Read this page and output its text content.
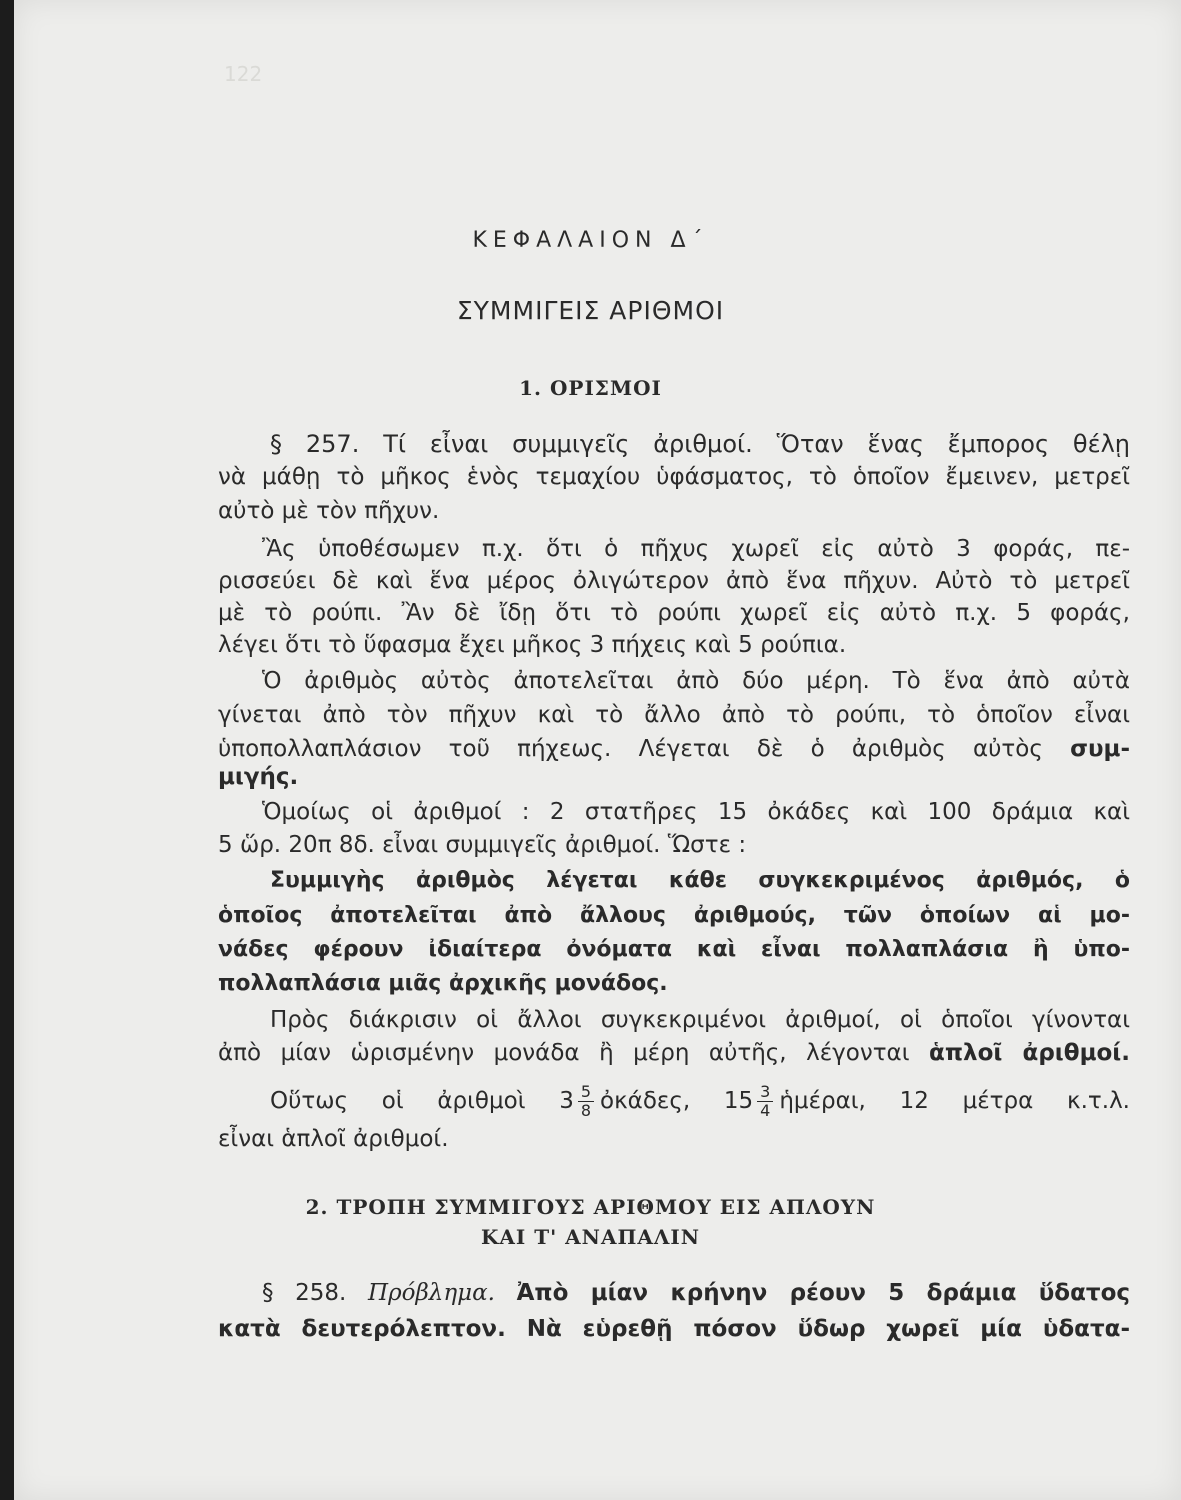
122
ΚΕΦΑΛΑΙΟΝ Δ΄
ΣΥΜΜΙΓΕΙΣ ΑΡΙΘΜΟΙ
1. ΟΡΙΣΜΟΙ
§ 257. Τί εἶναι συμμιγεῖς ἀριθμοί. Ὅταν ἕνας ἔμπορος θέλῃ
νὰ μάθῃ τὸ μῆκος ἑνὸς τεμαχίου ὑφάσματος, τὸ ὁποῖον ἔμεινεν, μετρεῖ
αὐτὸ μὲ τὸν πῆχυν.
Ἂς ὑποθέσωμεν π.χ. ὅτι ὁ πῆχυς χωρεῖ εἰς αὐτὸ 3 φοράς, πε-
ρισσεύει δὲ καὶ ἕνα μέρος ὀλιγώτερον ἀπὸ ἕνα πῆχυν. Αὐτὸ τὸ μετρεῖ
μὲ τὸ ρούπι. Ἂν δὲ ἴδῃ ὅτι τὸ ρούπι χωρεῖ εἰς αὐτὸ π.χ. 5 φοράς,
λέγει ὅτι τὸ ὕφασμα ἔχει μῆκος 3 πήχεις καὶ 5 ρούπια.
Ὁ ἀριθμὸς αὐτὸς ἀποτελεῖται ἀπὸ δύο μέρη. Τὸ ἕνα ἀπὸ αὐτὰ
γίνεται ἀπὸ τὸν πῆχυν καὶ τὸ ἄλλο ἀπὸ τὸ ρούπι, τὸ ὁποῖον εἶναι
ὑποπολλαπλάσιον τοῦ πήχεως. Λέγεται δὲ ὁ ἀριθμὸς αὐτὸς συμ-
μιγής.
Ὁμοίως οἱ ἀριθμοί : 2 στατῆρες 15 ὀκάδες καὶ 100 δράμια καὶ
5 ὥρ. 20π 8δ. εἶναι συμμιγεῖς ἀριθμοί. Ὥστε :
Συμμιγὴς ἀριθμὸς λέγεται κάθε συγκεκριμένος ἀριθμός, ὁ
ὁποῖος ἀποτελεῖται ἀπὸ ἄλλους ἀριθμούς, τῶν ὁποίων αἱ μο-
νάδες φέρουν ἰδιαίτερα ὀνόματα καὶ εἶναι πολλαπλάσια ἢ ὑπο-
πολλαπλάσια μιᾶς ἀρχικῆς μονάδος.
Πρὸς διάκρισιν οἱ ἄλλοι συγκεκριμένοι ἀριθμοί, οἱ ὁποῖοι γίνονται
ἀπὸ μίαν ὡρισμένην μονάδα ἢ μέρη αὐτῆς, λέγονται ἁπλοῖ ἀριθμοί.
Οὕτως οἱ ἀριθμοὶ $3 \frac{5}{8}$ ὀκάδες, $15 \frac{3}{4}$ ἡμέραι, 12 μέτρα κ.τ.λ.
εἶναι ἁπλοῖ ἀριθμοί.
2. ΤΡΟΠΗ ΣΥΜΜΙΓΟΥΣ ΑΡΙΘΜΟΥ ΕΙΣ ΑΠΛΟΥΝ
ΚΑΙ Τ' ΑΝΑΠΑΛΙΝ
§ 258. Πρόβλημα. Ἀπὸ μίαν κρήνην ρέουν 5 δράμια ὕδατος
κατὰ δευτερόλεπτον. Νὰ εὑρεθῇ πόσον ὕδωρ χωρεῖ μία ὑδατα-
